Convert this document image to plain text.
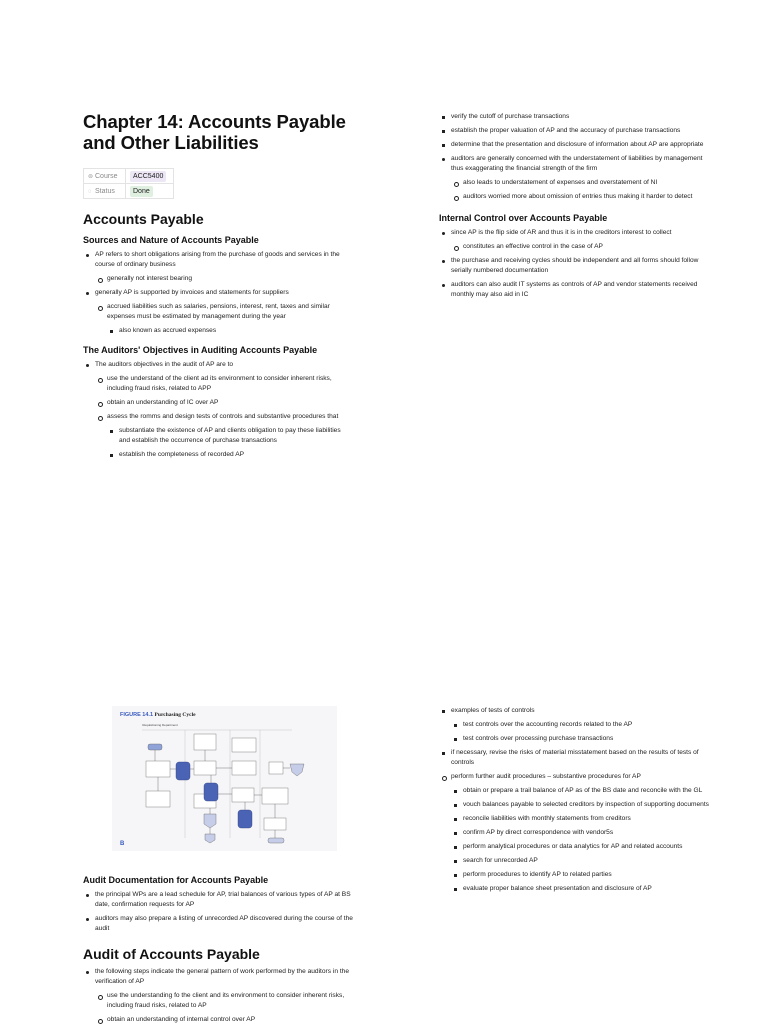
Chapter 14: Accounts Payable and Other Liabilities
⊚ Course	ACC5400
◌ Status	Done
Accounts Payable
Sources and Nature of Accounts Payable
AP refers to short obligations arising from the purchase of goods and services in the course of ordinary business
generally not interest bearing
generally AP is supported by invoices and statements for suppliers
accrued liabilities such as salaries, pensions, interest, rent, taxes and similar expenses must be estimated by management during the year
also known as accrued expenses
The Auditors' Objectives in Auditing Accounts Payable
The auditors objectives in the audit of AP are to
use the understand of the client ad its environment to consider inherent risks, including fraud risks, related to APP
obtain an understanding of IC over AP
assess the romms and design tests of controls and substantive procedures that
substantiate the existence of AP and clients obligation to pay these liabilities and establish the occurrence of purchase transactions
establish the completeness of recorded AP
verify the cutoff of purchase transactions
establish the proper valuation of AP and the accuracy of purchase transactions
determine that the presentation and disclosure of information about AP are appropriate
auditors are generally concerned with the understatement of liabilities by management thus exaggerating the financial strength of the firm
also leads to understatement of expenses and overstatement of NI
auditors worried more about omission of entries thus making it harder to detect
Internal Control over Accounts Payable
since AP is the flip side of AR and thus it is in the creditors interest to collect
constitutes an effective control in the case of AP
the purchase and receiving cycles should be independent and all forms should follow serially numbered documentation
auditors can also audit IT systems as controls of AP and vendor statements received monthly may also aid in IC
FIGURE 14.1 Purchasing Cycle
Requisitioning Department
B
Audit Documentation for Accounts Payable
the principal WPs are a lead schedule for AP, trial balances of various types of AP at BS date, confirmation requests for AP
auditors may also prepare a listing of unrecorded AP discovered during the course of the audit
Audit of Accounts Payable
the following steps indicate the general pattern of work performed by the auditors in the verification of AP
use the understanding fo the client and its environment to consider inherent risks, including fraud risks, related to AP
obtain an understanding of internal control over AP
examples of tests of controls
test controls over the accounting records related to the AP
test controls over processing purchase transactions
if necessary, revise the risks of material misstatement based on the results of tests of controls
perform further audit procedures – substantive procedures for AP
obtain or prepare a trail balance of AP as of the BS date and reconcile with the GL
vouch balances payable to selected creditors by inspection of supporting documents
reconcile liabilities with monthly statements from creditors
confirm AP by direct correspondence with vendor5s
perform analytical procedures or data analytics for AP and related accounts
search for unrecorded AP
perform procedures to identify AP to related parties
evaluate proper balance sheet presentation and disclosure of AP
